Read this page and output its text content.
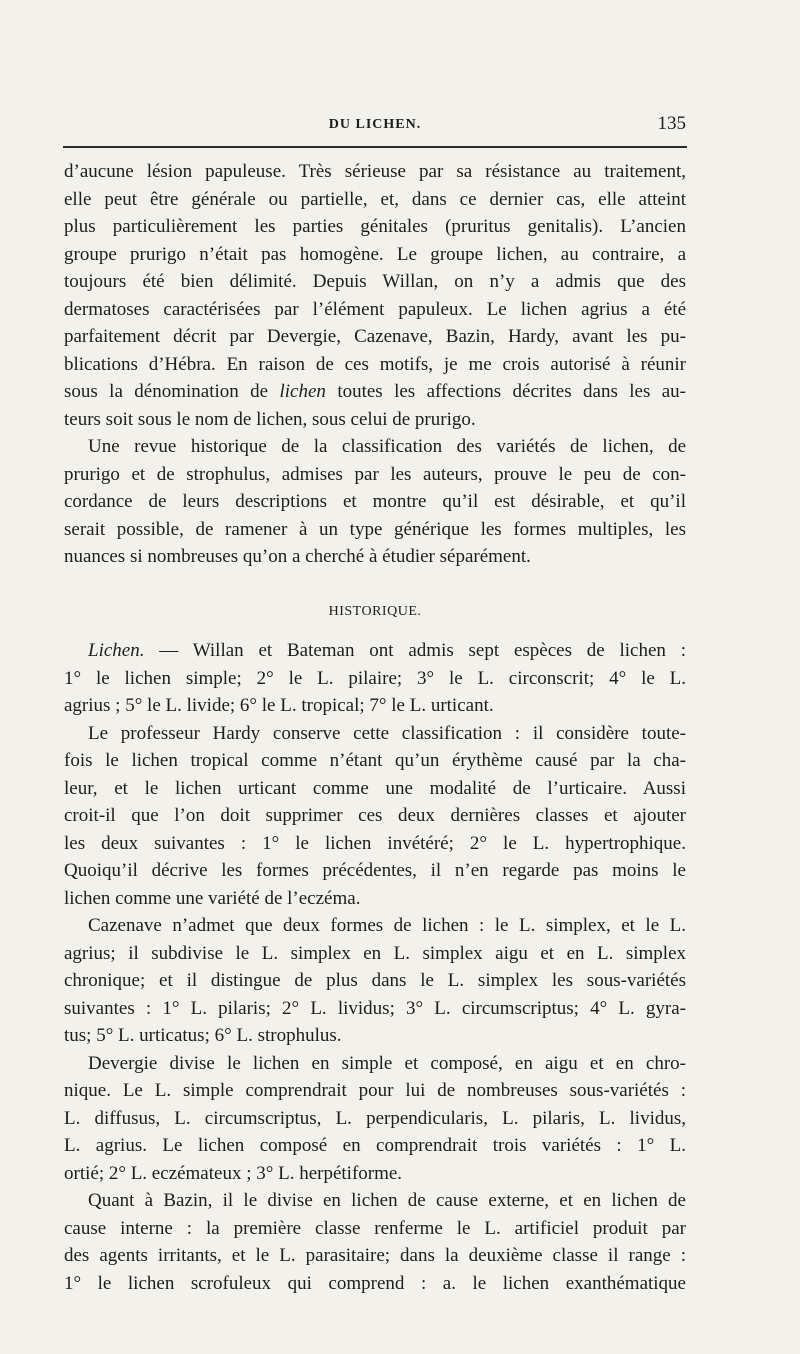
DU LICHEN.	135
d’aucune lésion papuleuse. Très sérieuse par sa résistance au traitement,
elle peut être générale ou partielle, et, dans ce dernier cas, elle atteint
plus particulièrement les parties génitales (pruritus genitalis). L’ancien
groupe prurigo n’était pas homogène. Le groupe lichen, au contraire, a
toujours été bien délimité. Depuis Willan, on n’y a admis que des
dermatoses caractérisées par l’élément papuleux. Le lichen agrius a été
parfaitement décrit par Devergie, Cazenave, Bazin, Hardy, avant les pu-
blications d’Hébra. En raison de ces motifs, je me crois autorisé à réunir
sous la dénomination de lichen toutes les affections décrites dans les au-
teurs soit sous le nom de lichen, sous celui de prurigo.
Une revue historique de la classification des variétés de lichen, de
prurigo et de strophulus, admises par les auteurs, prouve le peu de con-
cordance de leurs descriptions et montre qu’il est désirable, et qu’il
serait possible, de ramener à un type générique les formes multiples, les
nuances si nombreuses qu’on a cherché à étudier séparément.
HISTORIQUE.
Lichen. — Willan et Bateman ont admis sept espèces de lichen :
1° le lichen simple; 2° le L. pilaire; 3° le L. circonscrit; 4° le L.
agrius ; 5° le L. livide; 6° le L. tropical; 7° le L. urticant.
Le professeur Hardy conserve cette classification : il considère toute-
fois le lichen tropical comme n’étant qu’un érythème causé par la cha-
leur, et le lichen urticant comme une modalité de l’urticaire. Aussi
croit-il que l’on doit supprimer ces deux dernières classes et ajouter
les deux suivantes : 1° le lichen invétéré; 2° le L. hypertrophique.
Quoiqu’il décrive les formes précédentes, il n’en regarde pas moins le
lichen comme une variété de l’eczéma.
Cazenave n’admet que deux formes de lichen : le L. simplex, et le L.
agrius; il subdivise le L. simplex en L. simplex aigu et en L. simplex
chronique; et il distingue de plus dans le L. simplex les sous-variétés
suivantes : 1° L. pilaris; 2° L. lividus; 3° L. circumscriptus; 4° L. gyra-
tus; 5° L. urticatus; 6° L. strophulus.
Devergie divise le lichen en simple et composé, en aigu et en chro-
nique. Le L. simple comprendrait pour lui de nombreuses sous-variétés :
L. diffusus, L. circumscriptus, L. perpendicularis, L. pilaris, L. lividus,
L. agrius. Le lichen composé en comprendrait trois variétés : 1° L.
ortié; 2° L. eczémateux ; 3° L. herpétiforme.
Quant à Bazin, il le divise en lichen de cause externe, et en lichen de
cause interne : la première classe renferme le L. artificiel produit par
des agents irritants, et le L. parasitaire; dans la deuxième classe il range :
1° le lichen scrofuleux qui comprend : a. le lichen exanthématique
